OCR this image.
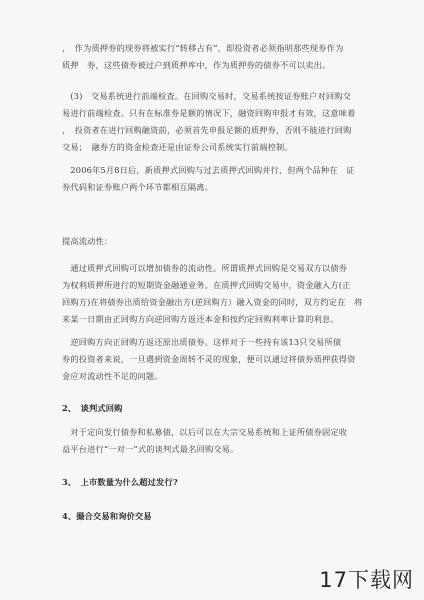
，　作为质押券的现券将被实行“转移占有”，即投资者必须指明那些现券作为
质押　券，这些债券被过户到质押库中，作为质押券的债券不可以卖出。
　(3)　交易系统进行前端检查。在回购交易时，交易系统按证券账户对回购交
易进行前端检查。只有在标准券是额的情况下，融资回购申报才有效，这意味着
，　投资者在进行回购融资前，必须首先申报足额的质押券，否则不能进行回购
交易；　融券方的资金检查还是由证券公司系统实行前端控制。
　2006年5月8日后，新质押式回购与过去质押式回购并行，但两个品种在　证
券代码和证券账户两个环节都相互隔离。
提高流动性：
　通过质押式回购可以增加债券的流动性。所谓质押式回购是交易双方以债券
为权利质押所进行的短期资金融通业务。在质押式回购交易中，资金融入方(正
回购方)在将债券出质给资金融出方(逆回购方）融入资金的同时，双方约定在　将
来某一日期由正回购方向逆回购方返还本金和按约定回购利率计算的利息。
　逆回购方向正回购方返还原出质债券。这样对于一些持有该13只交易所债
券的投资者来说，一旦遇到资金周转不灵的现象，便可以通过将债券质押获得资
金应对流动性不足的问题。
2、　谈判式回购
　对于定向发行债券和私募债，以后可以在大宗交易系统和上证所债券固定收
益平台进行“一对一”式的谈判式最名回购交易。
3、　上市数量为什么超过发行?
4、撮合交易和询价交易
17下载网
